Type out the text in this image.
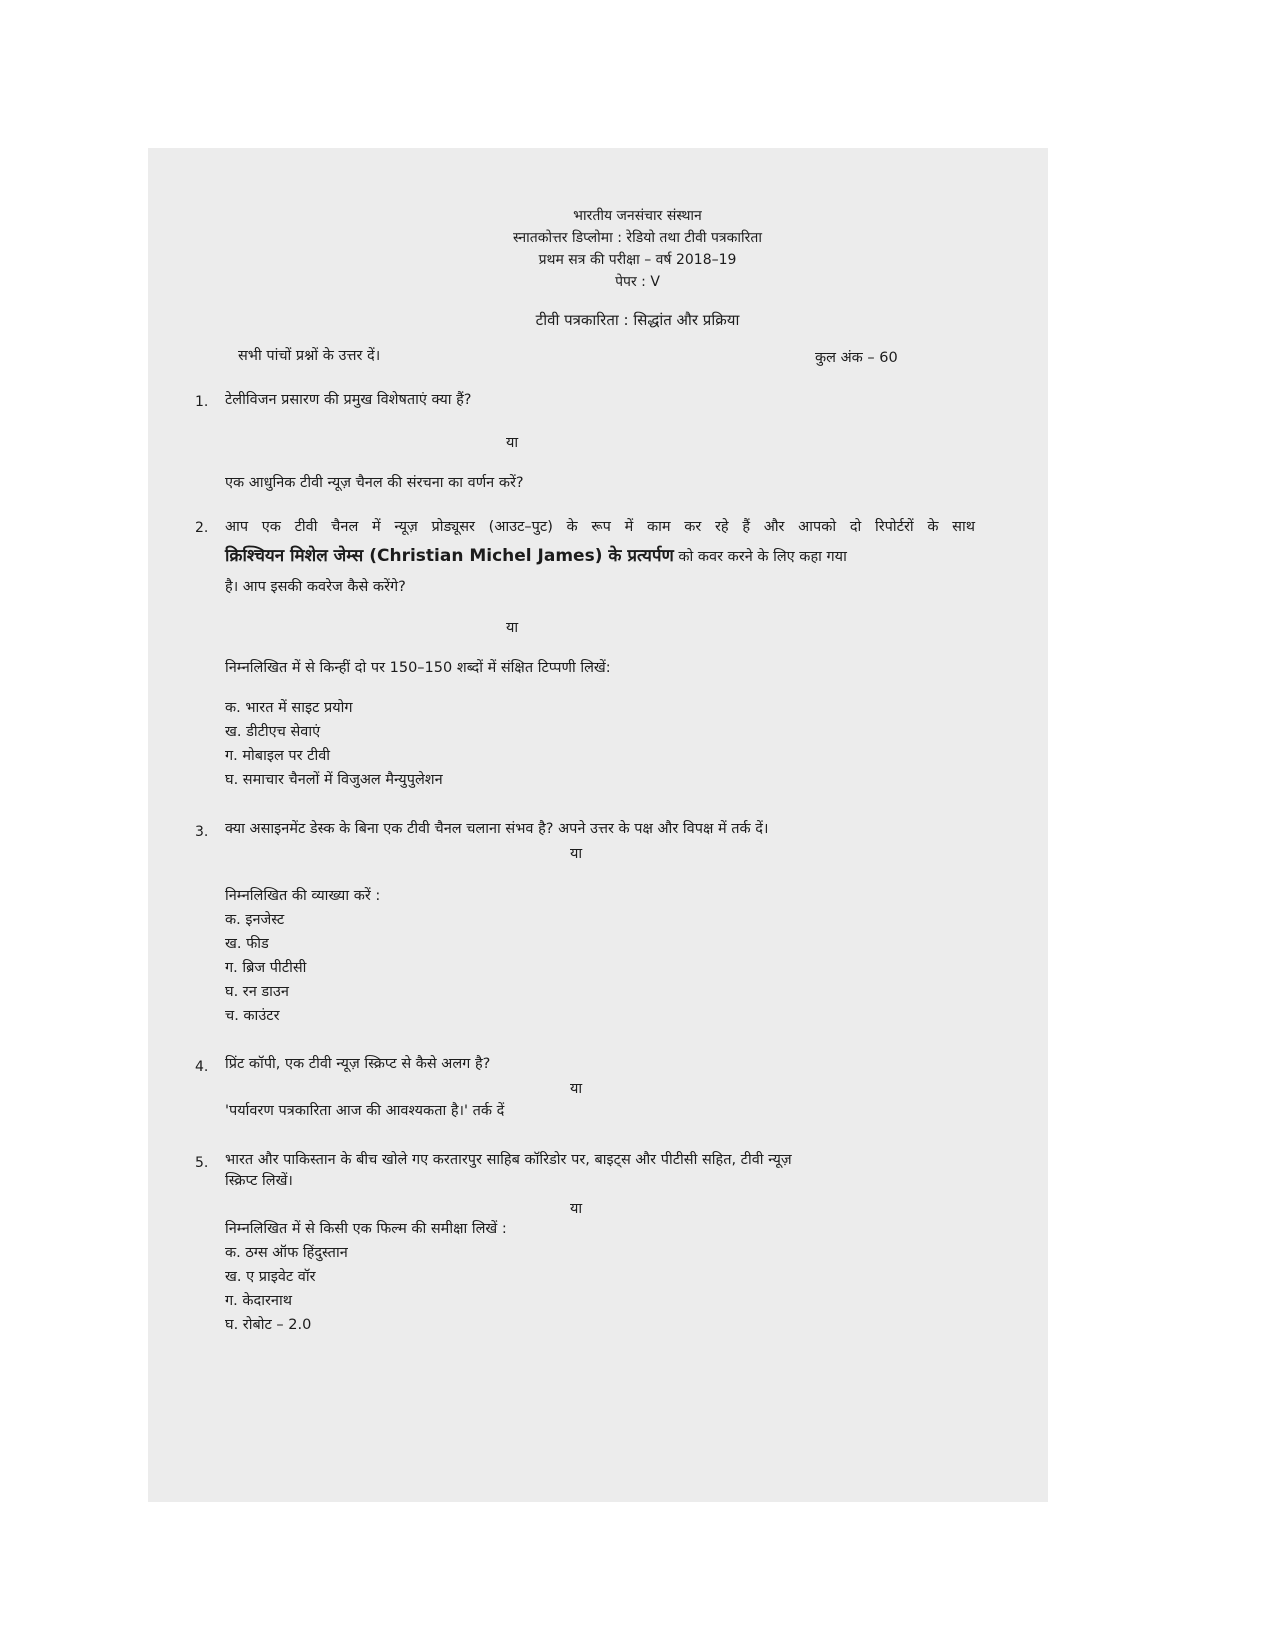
भारतीय जनसंचार संस्थान
स्नातकोत्तर डिप्लोमा : रेडियो तथा टीवी पत्रकारिता
प्रथम सत्र की परीक्षा – वर्ष 2018–19
पेपर : V
टीवी पत्रकारिता : सिद्धांत और प्रक्रिया
सभी पांचों प्रश्नों के उत्तर दें।	कुल अंक – 60
1. टेलीविजन प्रसारण की प्रमुख विशेषताएं क्या हैं?
या
एक आधुनिक टीवी न्यूज़ चैनल की संरचना का वर्णन करें?
2. आप एक टीवी चैनल में न्यूज़ प्रोड्यूसर (आउट–पुट) के रूप में काम कर रहे हैं और आपको दो रिपोर्टरों के साथ
क्रिश्चियन मिशेल जेम्स (Christian Michel James) के प्रत्यर्पण को कवर करने के लिए कहा गया
है। आप इसकी कवरेज कैसे करेंगे?
या
निम्नलिखित में से किन्हीं दो पर 150–150 शब्दों में संक्षित टिप्पणी लिखें:
क. भारत में साइट प्रयोग
ख. डीटीएच सेवाएं
ग. मोबाइल पर टीवी
घ. समाचार चैनलों में विजुअल मैन्युपुलेशन
3. क्या असाइनमेंट डेस्क के बिना एक टीवी चैनल चलाना संभव है? अपने उत्तर के पक्ष और विपक्ष में तर्क दें।
या
निम्नलिखित की व्याख्या करें :
क. इनजेस्ट
ख. फीड
ग. ब्रिज पीटीसी
घ. रन डाउन
च. काउंटर
4. प्रिंट कॉपी, एक टीवी न्यूज़ स्क्रिप्ट से कैसे अलग है?
या
'पर्यावरण पत्रकारिता आज की आवश्यकता है।' तर्क दें
5. भारत और पाकिस्तान के बीच खोले गए करतारपुर साहिब कॉरिडोर पर, बाइट्स और पीटीसी सहित, टीवी न्यूज़
स्क्रिप्ट लिखें।
या
निम्नलिखित में से किसी एक फिल्म की समीक्षा लिखें :
क. ठग्स ऑफ हिंदुस्तान
ख. ए प्राइवेट वॉर
ग. केदारनाथ
घ. रोबोट – 2.0
